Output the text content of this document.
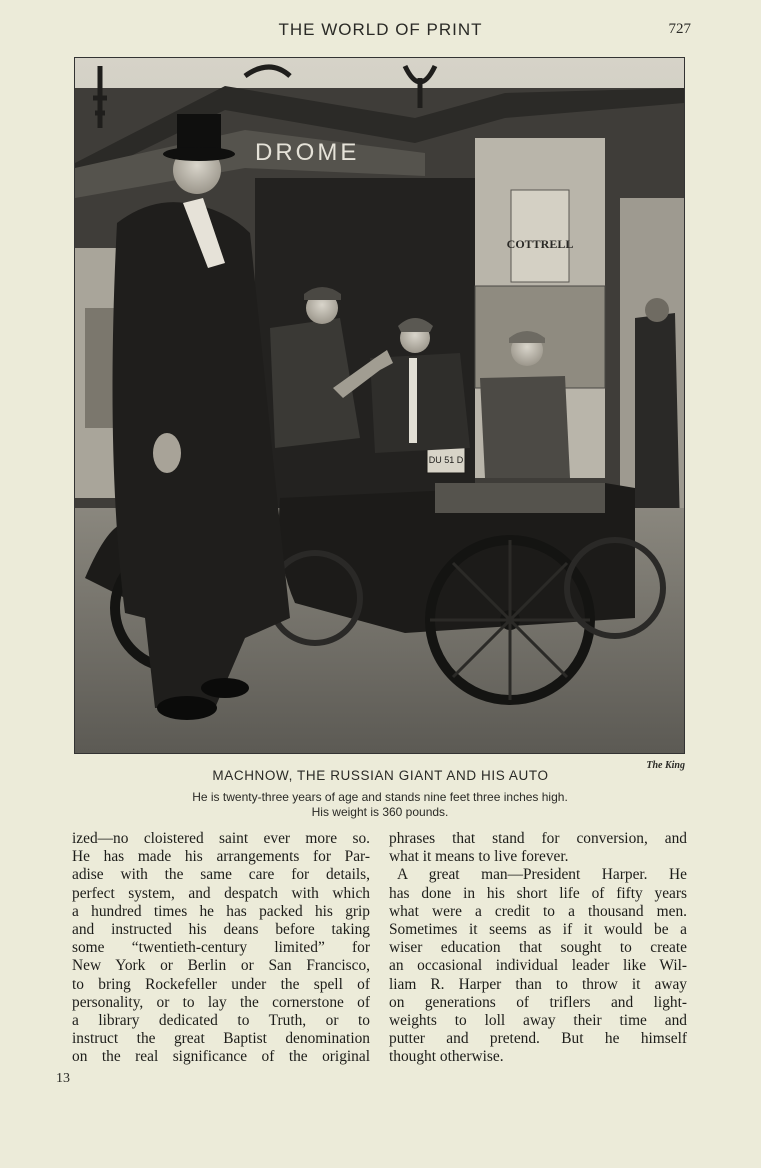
THE WORLD OF PRINT	727
DROME
COTTRELL
DU 51 D
The King
MACHNOW, THE RUSSIAN GIANT AND HIS AUTO
He is twenty-three years of age and stands nine feet three inches high.
His weight is 360 pounds.
ized—no cloistered saint ever more so.
He has made his arrangements for Par-
adise with the same care for details,
perfect system, and despatch with which
a hundred times he has packed his grip
and instructed his deans before taking
some “twentieth-century limited” for
New York or Berlin or San Francisco,
to bring Rockefeller under the spell of
personality, or to lay the cornerstone of
a library dedicated to Truth, or to
instruct the great Baptist denomination
on the real significance of the original
phrases that stand for conversion, and
what it means to live forever.
A great man—President Harper. He
has done in his short life of fifty years
what were a credit to a thousand men.
Sometimes it seems as if it would be a
wiser education that sought to create
an occasional individual leader like Wil-
liam R. Harper than to throw it away
on generations of triflers and light-
weights to loll away their time and
putter and pretend. But he himself
thought otherwise.
13
